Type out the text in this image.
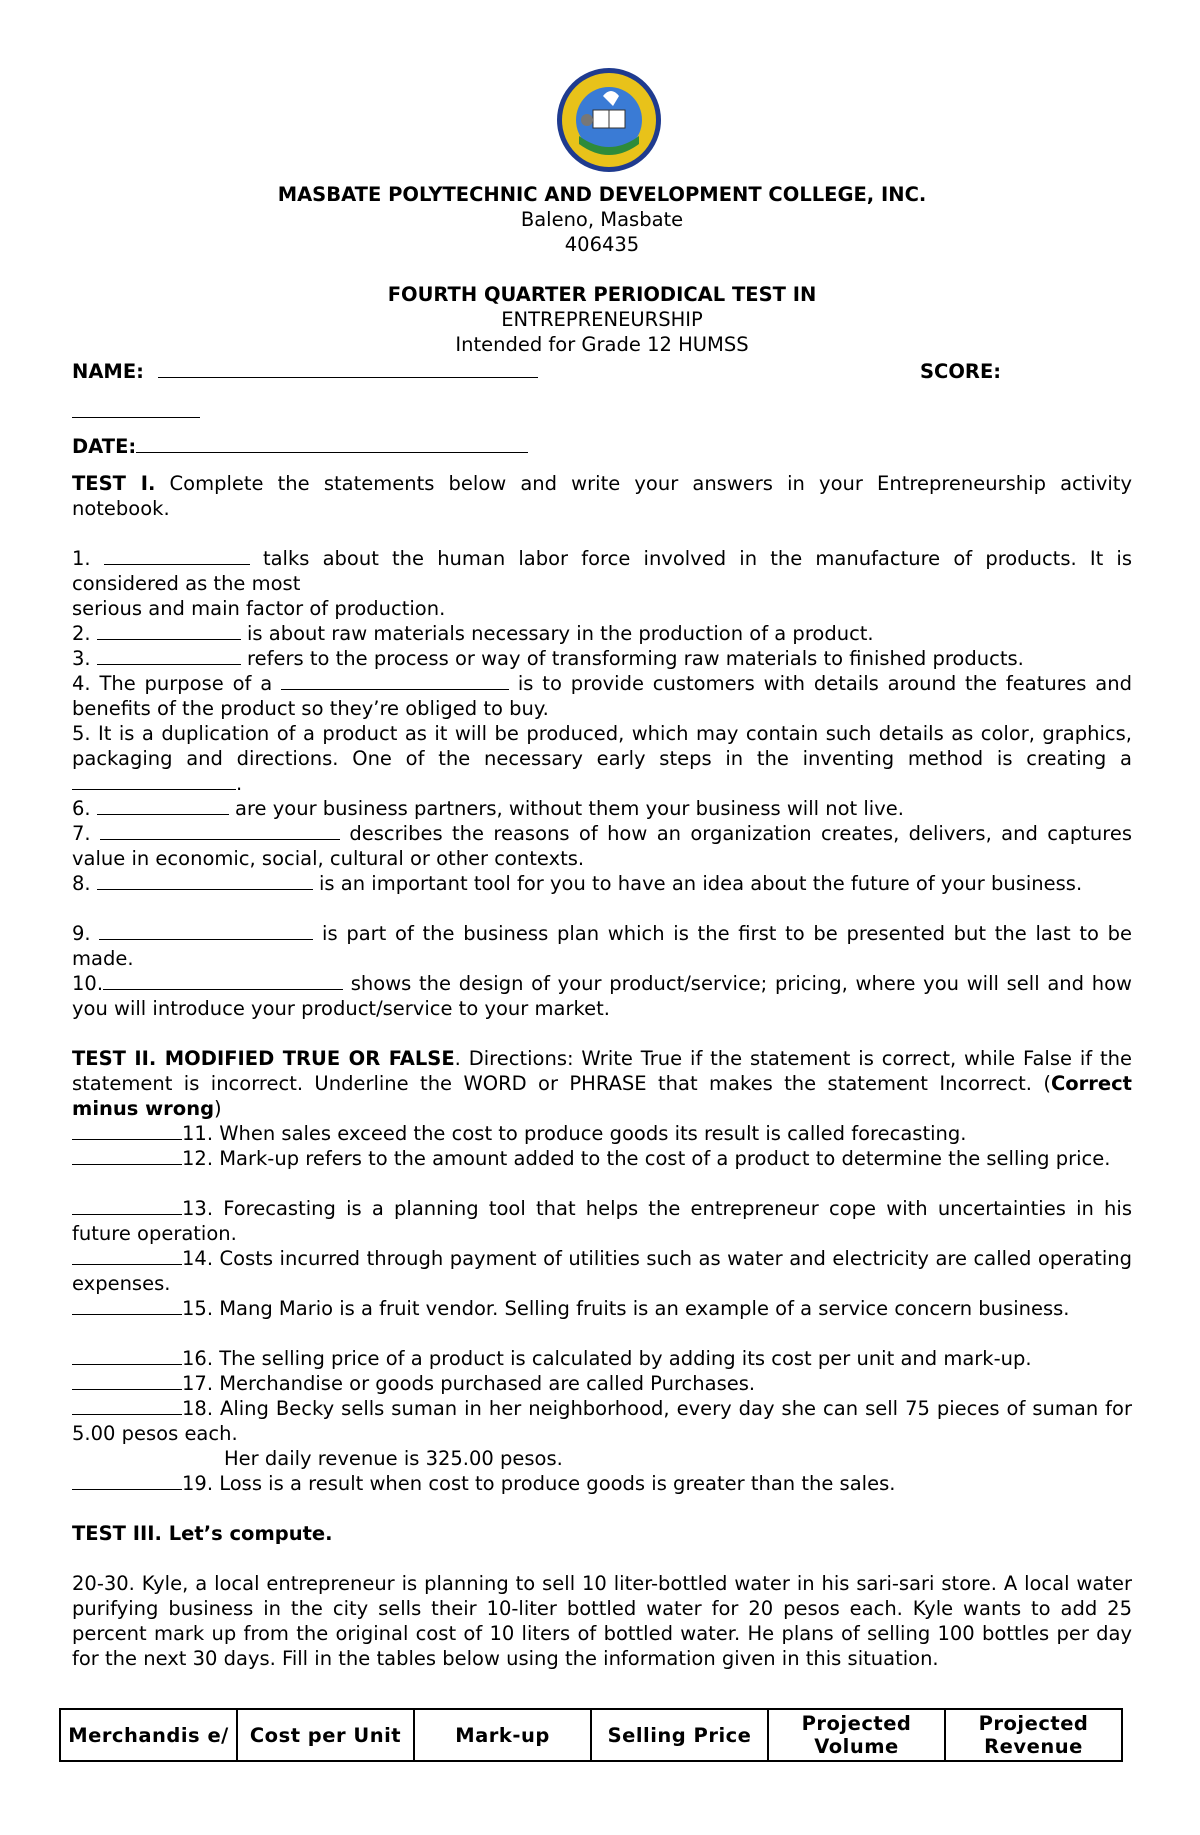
MASBATE POLYTECHNIC AND DEVELOPMENT COLLEGE, INC.
Baleno, Masbate
406435
FOURTH QUARTER PERIODICAL TEST IN
ENTREPRENEURSHIP
Intended for Grade 12 HUMSS
NAME:	SCORE:
DATE:
TEST I. Complete the statements below and write your answers in your Entrepreneurship activity notebook.
1.	talks about the human labor force involved in the manufacture of products. It is considered as the most
serious and main factor of production.
2.	is about raw materials necessary in the production of a product.
3.	refers to the process or way of transforming raw materials to finished products.
4. The purpose of a	is to provide customers with details around the features and benefits of the product so they’re obliged to buy.
5. It is a duplication of a product as it will be produced, which may contain such details as color, graphics, packaging and directions. One of the necessary early steps in the inventing method is creating a .
6.	are your business partners, without them your business will not live.
7.	describes the reasons of how an organization creates, delivers, and captures value in economic, social, cultural or other contexts.
8.	is an important tool for you to have an idea about the future of your business.
9.	is part of the business plan which is the first to be presented but the last to be made.
10.	shows the design of your product/service; pricing, where you will sell and how you will introduce your product/service to your market.
TEST II. MODIFIED TRUE OR FALSE. Directions: Write True if the statement is correct, while False if the statement is incorrect. Underline the WORD or PHRASE that makes the statement Incorrect. (Correct minus wrong)
11. When sales exceed the cost to produce goods its result is called forecasting.
12. Mark-up refers to the amount added to the cost of a product to determine the selling price.
13. Forecasting is a planning tool that helps the entrepreneur cope with uncertainties in his future operation.
14. Costs incurred through payment of utilities such as water and electricity are called operating expenses.
15. Mang Mario is a fruit vendor. Selling fruits is an example of a service concern business.
16. The selling price of a product is calculated by adding its cost per unit and mark-up.
17. Merchandise or goods purchased are called Purchases.
18. Aling Becky sells suman in her neighborhood, every day she can sell 75 pieces of suman for 5.00 pesos each.
Her daily revenue is 325.00 pesos.
19. Loss is a result when cost to produce goods is greater than the sales.
TEST III. Let’s compute.
20-30. Kyle, a local entrepreneur is planning to sell 10 liter-bottled water in his sari-sari store. A local water purifying business in the city sells their 10-liter bottled water for 20 pesos each. Kyle wants to add 25 percent mark up from the original cost of 10 liters of bottled water. He plans of selling 100 bottles per day for the next 30 days. Fill in the tables below using the information given in this situation.
Merchandis e/	Cost per Unit	Mark-up	Selling Price	Projected Volume	Projected Revenue
